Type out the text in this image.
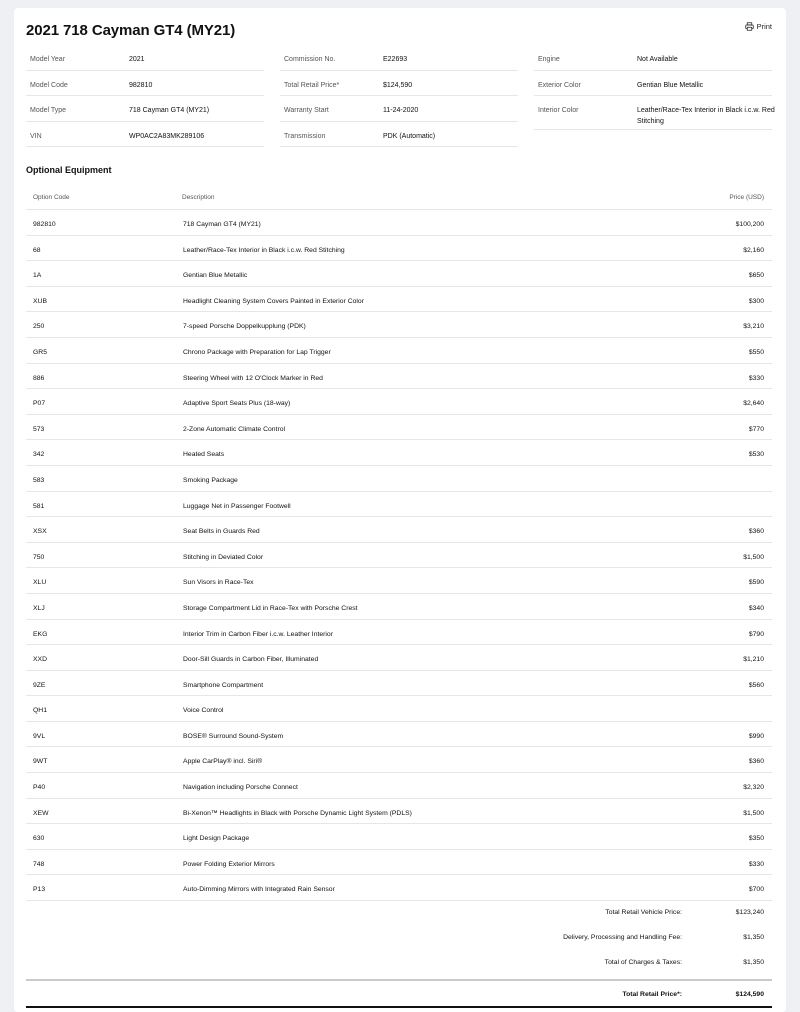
2021 718 Cayman GT4 (MY21)	Print
Model Year	2021
Model Code	982810
Model Type	718 Cayman GT4 (MY21)
VIN	WP0AC2A83MK289106
Commission No.	E22693
Total Retail Price*	$124,590
Warranty Start	11-24-2020
Transmission	PDK (Automatic)
Engine	Not Available
Exterior Color	Gentian Blue Metallic
Interior Color	Leather/Race-Tex Interior in Black i.c.w. Red Stitching
Optional Equipment
Option Code	Description	Price (USD)
982810	718 Cayman GT4 (MY21)	$100,200
68	Leather/Race-Tex Interior in Black i.c.w. Red Stitching	$2,160
1A	Gentian Blue Metallic	$650
XUB	Headlight Cleaning System Covers Painted in Exterior Color	$300
250	7-speed Porsche Doppelkupplung (PDK)	$3,210
GR5	Chrono Package with Preparation for Lap Trigger	$550
886	Steering Wheel with 12 O'Clock Marker in Red	$330
P07	Adaptive Sport Seats Plus (18-way)	$2,640
573	2-Zone Automatic Climate Control	$770
342	Heated Seats	$530
583	Smoking Package
581	Luggage Net in Passenger Footwell
XSX	Seat Belts in Guards Red	$360
750	Stitching in Deviated Color	$1,500
XLU	Sun Visors in Race-Tex	$590
XLJ	Storage Compartment Lid in Race-Tex with Porsche Crest	$340
EKG	Interior Trim in Carbon Fiber i.c.w. Leather Interior	$790
XXD	Door-Sill Guards in Carbon Fiber, Illuminated	$1,210
9ZE	Smartphone Compartment	$560
QH1	Voice Control
9VL	BOSE® Surround Sound-System	$990
9WT	Apple CarPlay® incl. Siri®	$360
P40	Navigation including Porsche Connect	$2,320
XEW	Bi-Xenon™ Headlights in Black with Porsche Dynamic Light System (PDLS)	$1,500
630	Light Design Package	$350
748	Power Folding Exterior Mirrors	$330
P13	Auto-Dimming Mirrors with Integrated Rain Sensor	$700
Total Retail Vehicle Price:	$123,240
Delivery, Processing and Handling Fee:	$1,350
Total of Charges & Taxes:	$1,350
Total Retail Price*:	$124,590
